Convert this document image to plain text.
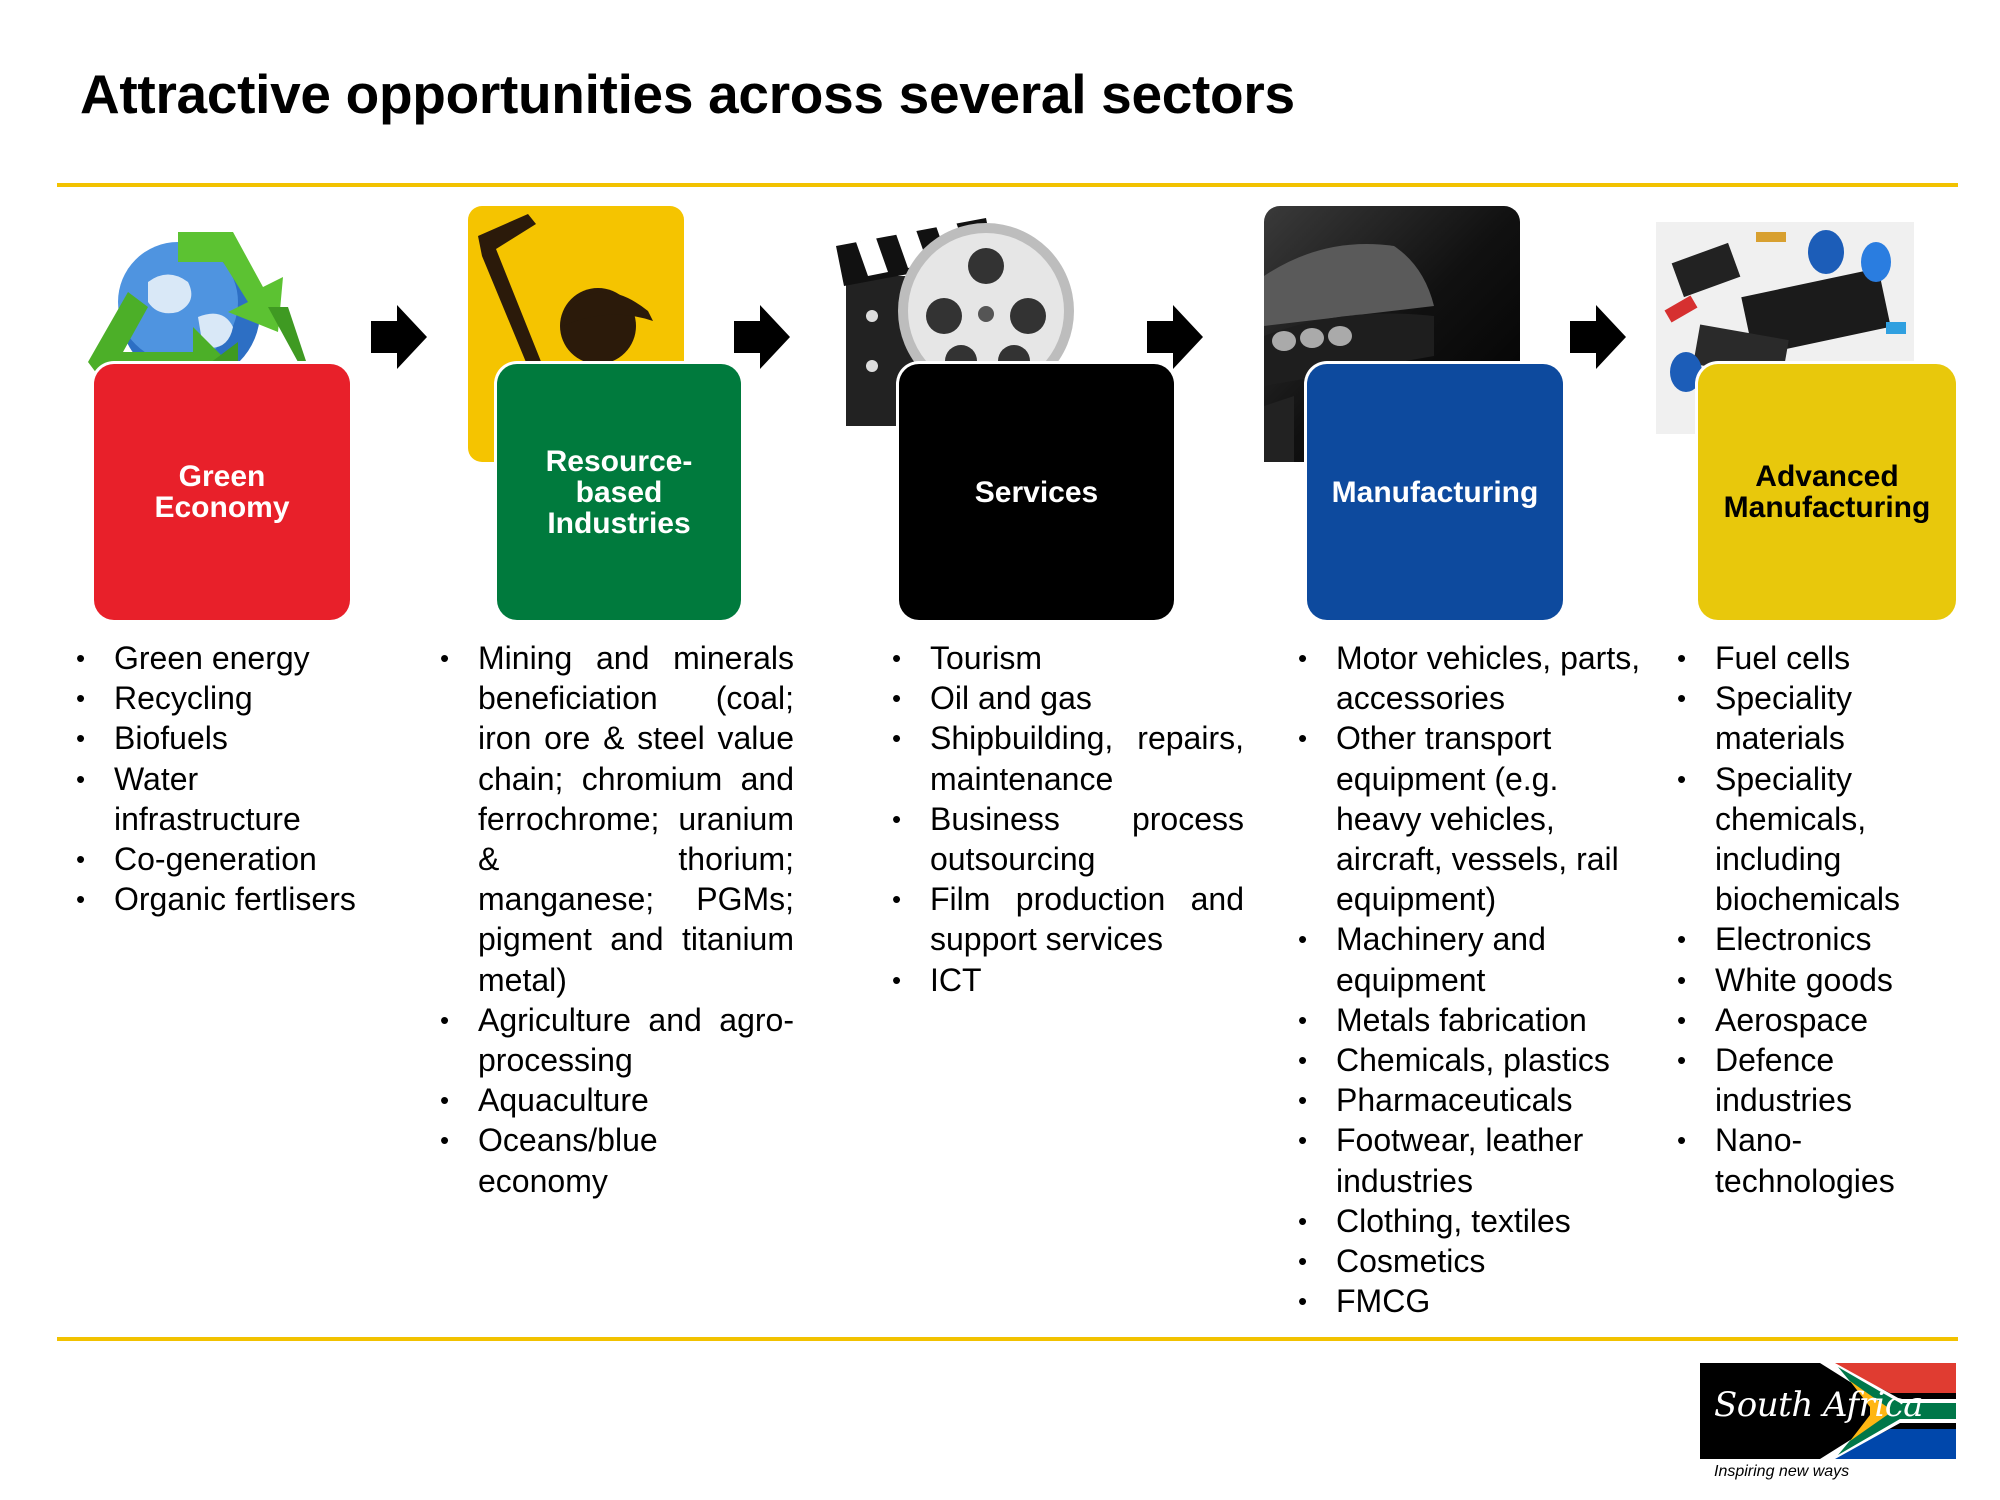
Attractive opportunities across several sectors
Green
Economy
• Green energy
• Recycling
• Biofuels
• Water infrastructure
• Co-generation
• Organic fertlisers
Resource-
based
Industries
• Mining and minerals beneficiation (coal; iron ore & steel value chain; chromium and ferrochrome; uranium & thorium; manganese; PGMs; pigment and titanium metal)
• Agriculture and agro-processing
• Aquaculture
• Oceans/blue economy
Services
• Tourism
• Oil and gas
• Shipbuilding, repairs, maintenance
• Business process outsourcing
• Film production and support services
• ICT
Manufacturing
• Motor vehicles, parts, accessories
• Other transport equipment (e.g. heavy vehicles, aircraft, vessels, rail equipment)
• Machinery and equipment
• Metals fabrication
• Chemicals, plastics
• Pharmaceuticals
• Footwear, leather industries
• Clothing, textiles
• Cosmetics
• FMCG
Advanced
Manufacturing
• Fuel cells
• Speciality materials
• Speciality chemicals, including biochemicals
• Electronics
• White goods
• Aerospace
• Defence industries
• Nano-technologies
South Africa
Inspiring new ways
